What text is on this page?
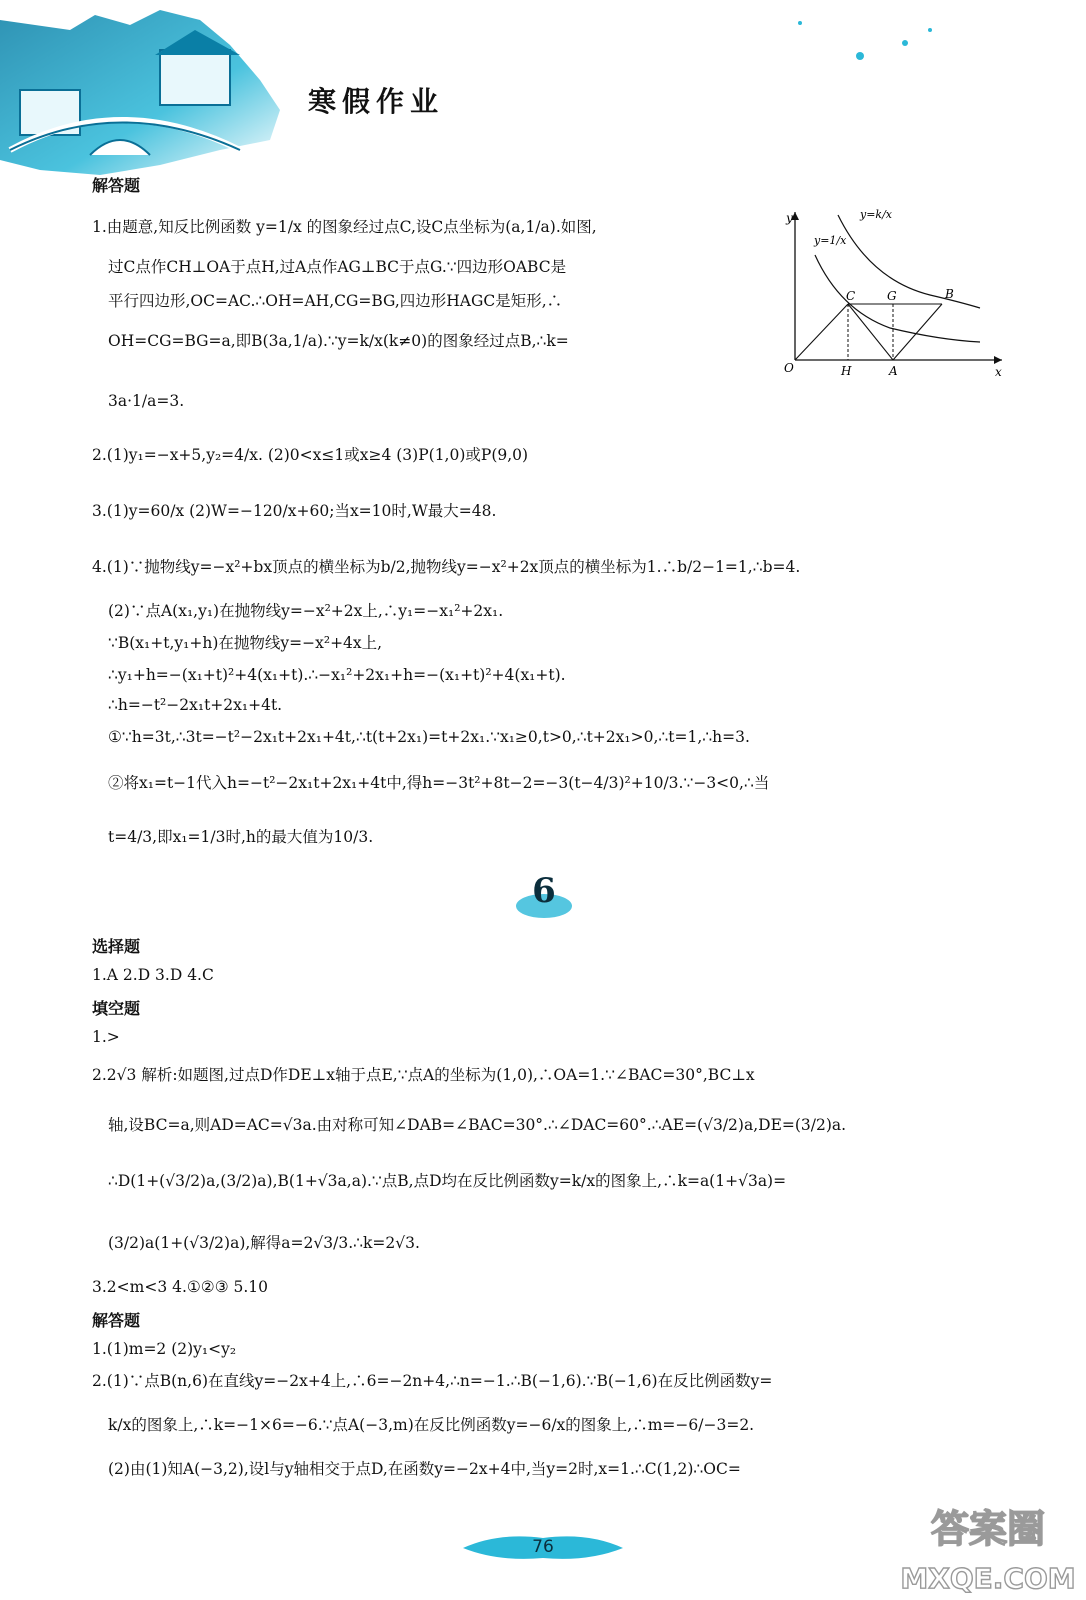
寒假作业
解答题
1.由题意,知反比例函数 y=1/x 的图象经过点C,设C点坐标为(a,1/a).如图,
过C点作CH⊥OA于点H,过A点作AG⊥BC于点G.∵四边形OABC是
平行四边形,OC=AC.∴OH=AH,CG=BG,四边形HAGC是矩形,∴
OH=CG=BG=a,即B(3a,1/a).∵y=k/x(k≠0)的图象经过点B,∴k=
3a·1/a=3.
y
x
O
C	G	B
H	A
y=1/x
y=k/x
2.(1)y₁=−x+5,y₂=4/x. (2)0<x≤1或x≥4 (3)P(1,0)或P(9,0)
3.(1)y=60/x (2)W=−120/x+60;当x=10时,W最大=48.
4.(1)∵抛物线y=−x²+bx顶点的横坐标为b/2,抛物线y=−x²+2x顶点的横坐标为1.∴b/2−1=1,∴b=4.
(2)∵点A(x₁,y₁)在抛物线y=−x²+2x上,∴y₁=−x₁²+2x₁.
∵B(x₁+t,y₁+h)在抛物线y=−x²+4x上,
∴y₁+h=−(x₁+t)²+4(x₁+t).∴−x₁²+2x₁+h=−(x₁+t)²+4(x₁+t).
∴h=−t²−2x₁t+2x₁+4t.
①∵h=3t,∴3t=−t²−2x₁t+2x₁+4t,∴t(t+2x₁)=t+2x₁.∵x₁≥0,t>0,∴t+2x₁>0,∴t=1,∴h=3.
②将x₁=t−1代入h=−t²−2x₁t+2x₁+4t中,得h=−3t²+8t−2=−3(t−4/3)²+10/3.∵−3<0,∴当
t=4/3,即x₁=1/3时,h的最大值为10/3.
6
选择题
1.A 2.D 3.D 4.C
填空题
1.>
2.2√3 解析:如题图,过点D作DE⊥x轴于点E,∵点A的坐标为(1,0),∴OA=1.∵∠BAC=30°,BC⊥x
轴,设BC=a,则AD=AC=√3a.由对称可知∠DAB=∠BAC=30°.∴∠DAC=60°.∴AE=(√3/2)a,DE=(3/2)a.
∴D(1+(√3/2)a,(3/2)a),B(1+√3a,a).∵点B,点D均在反比例函数y=k/x的图象上,∴k=a(1+√3a)=
(3/2)a(1+(√3/2)a),解得a=2√3/3.∴k=2√3.
3.2<m<3 4.①②③ 5.10
解答题
1.(1)m=2 (2)y₁<y₂
2.(1)∵点B(n,6)在直线y=−2x+4上,∴6=−2n+4,∴n=−1.∴B(−1,6).∵B(−1,6)在反比例函数y=
k/x的图象上,∴k=−1×6=−6.∵点A(−3,m)在反比例函数y=−6/x的图象上,∴m=−6/−3=2.
(2)由(1)知A(−3,2),设l与y轴相交于点D,在函数y=−2x+4中,当y=2时,x=1.∴C(1,2)∴OC=
76	答案圈
MXQE.COM
